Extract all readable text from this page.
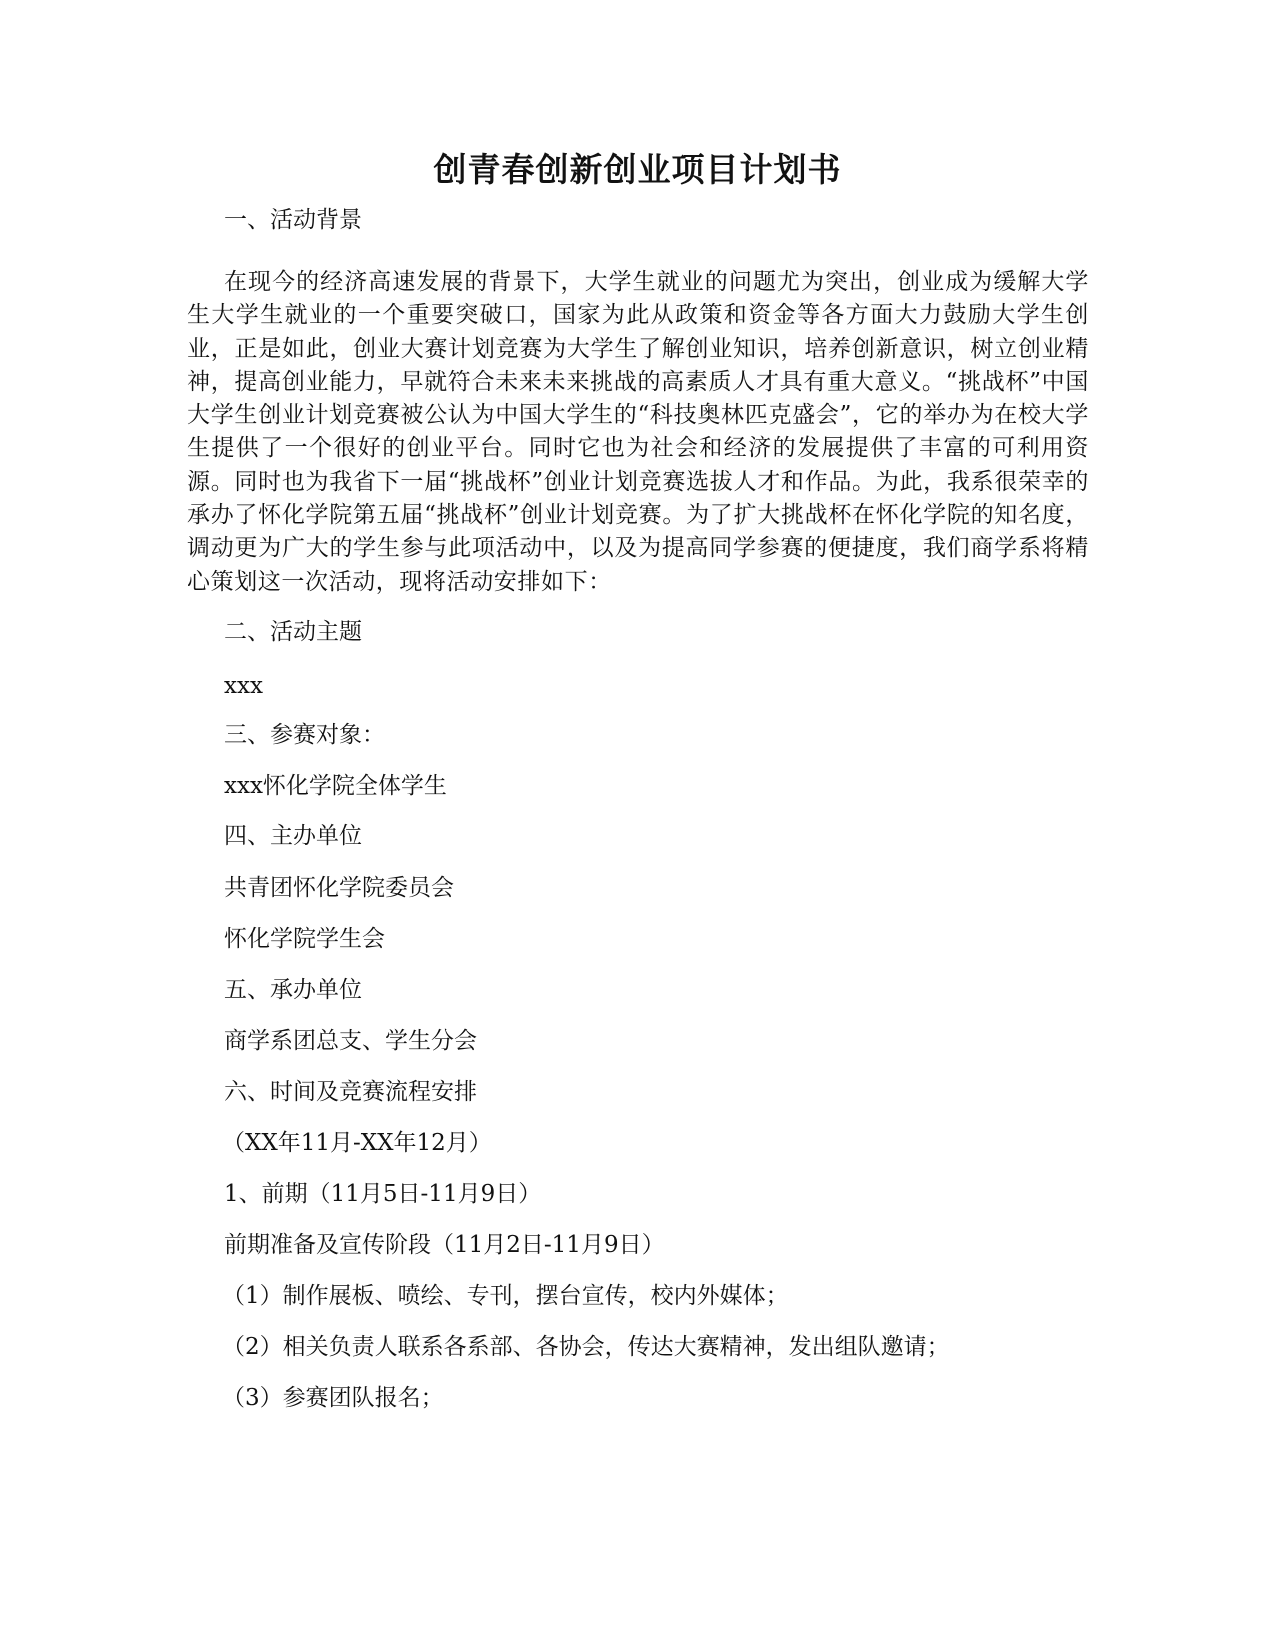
创青春创新创业项目计划书
一、活动背景
在现今的经济高速发展的背景下，大学生就业的问题尤为突出，创业成为缓解大学生大学生就业的一个重要突破口，国家为此从政策和资金等各方面大力鼓励大学生创业，正是如此，创业大赛计划竞赛为大学生了解创业知识，培养创新意识，树立创业精神，提高创业能力，早就符合未来未来挑战的高素质人才具有重大意义。“挑战杯”中国大学生创业计划竞赛被公认为中国大学生的“科技奥林匹克盛会”，它的举办为在校大学生提供了一个很好的创业平台。同时它也为社会和经济的发展提供了丰富的可利用资源。同时也为我省下一届“挑战杯”创业计划竞赛选拔人才和作品。为此，我系很荣幸的承办了怀化学院第五届“挑战杯”创业计划竞赛。为了扩大挑战杯在怀化学院的知名度，调动更为广大的学生参与此项活动中，以及为提高同学参赛的便捷度，我们商学系将精心策划这一次活动，现将活动安排如下：
二、活动主题
xxx
三、参赛对象：
xxx怀化学院全体学生
四、主办单位
共青团怀化学院委员会
怀化学院学生会
五、承办单位
商学系团总支、学生分会
六、时间及竞赛流程安排
（XX年11月-XX年12月）
1、前期（11月5日-11月9日）
前期准备及宣传阶段（11月2日-11月9日）
（1）制作展板、喷绘、专刊，摆台宣传，校内外媒体；
（2）相关负责人联系各系部、各协会，传达大赛精神，发出组队邀请；
（3）参赛团队报名；
